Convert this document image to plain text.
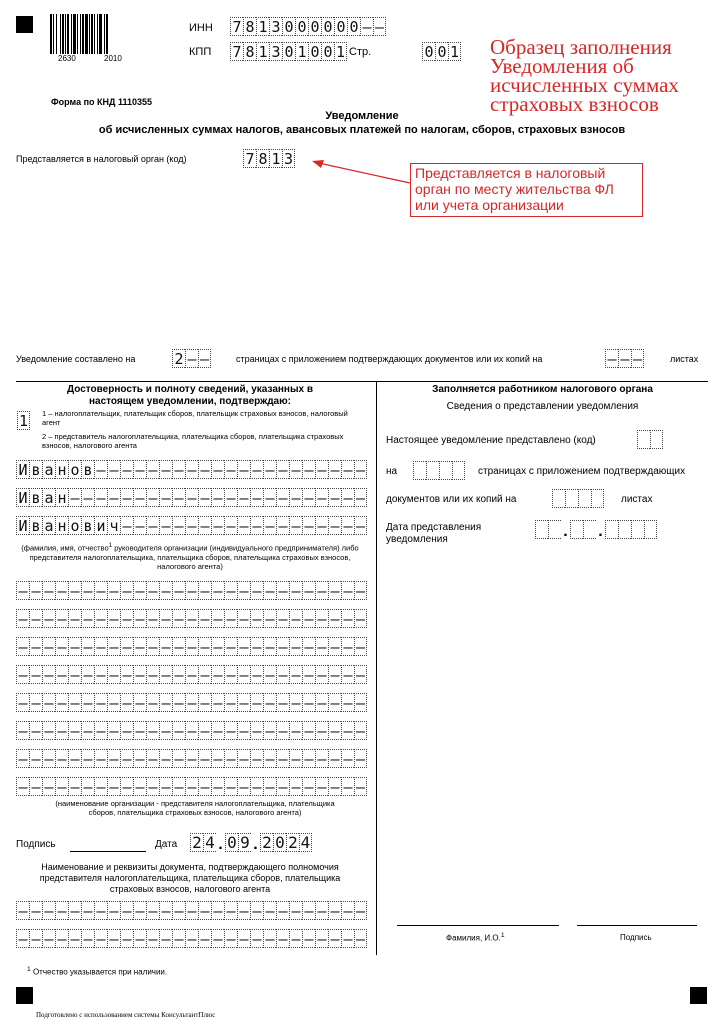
2630	2010
ИНН 7 8 1 3 0 0 0 0 0 0 – –
КПП 7 8 1 3 0 1 0 0 1 Стр.	0 0 1 Образец заполнения Уведомления об исчисленных суммах страховых взносов
Форма по КНД 1110355
Уведомление
об исчисленных суммах налогов, авансовых платежей по налогам, сборов, страховых взносов
Представляется в налоговый орган (код)	7 8 1 3
Представляется в налоговый орган по месту жительства ФЛ или учета организации
Уведомление составлено на	2 – –	страницах с приложением подтверждающих документов или их копий на	– – –	листах
Достоверность и полноту сведений, указанных в настоящем уведомлении, подтверждаю:
1 1 – налогоплательщик, плательщик сборов, плательщик страховых взносов, налоговый агент
2 – представитель налогоплательщика, плательщика сборов, плательщика страховых взносов, налогового агента
И в а н о в – – – – – – – – – – – – – – – – – – – – –
И в а н – – – – – – – – – – – – – – – – – – – – – – –
И в а н о в и ч – – – – – – – – – – – – – – – – – – –
(фамилия, имя, отчество$^1$ руководителя организации (индивидуального предпринимателя) либо представителя налогоплательщика, плательщика сборов, плательщика страховых взносов, налогового агента)
– – – – – – – – – – – – – – – – – – – – – – – – – – –
– – – – – – – – – – – – – – – – – – – – – – – – – – –
– – – – – – – – – – – – – – – – – – – – – – – – – – –
– – – – – – – – – – – – – – – – – – – – – – – – – – –
– – – – – – – – – – – – – – – – – – – – – – – – – – –
– – – – – – – – – – – – – – – – – – – – – – – – – – –
– – – – – – – – – – – – – – – – – – – – – – – – – – –
– – – – – – – – – – – – – – – – – – – – – – – – – – –
(наименование организации - представителя налогоплательщика, плательщика сборов, плательщика страховых взносов, налогового агента)
Подпись	Дата 2 4 . 0 9 . 2 0 2 4
Наименование и реквизиты документа, подтверждающего полномочия представителя налогоплательщика, плательщика сборов, плательщика страховых взносов, налогового агента
– – – – – – – – – – – – – – – – – – – – – – – – – – –
– – – – – – – – – – – – – – – – – – – – – – – – – – –
Заполняется работником налогового органа
Сведения о представлении уведомления
Настоящее уведомление представлено (код)
на	страницах с приложением подтверждающих
документов или их копий на	листах
Дата представления уведомления	. .
Фамилия, И.О.$^1$	Подпись
$^1$ Отчество указывается при наличии.
Подготовлено с использованием системы КонсультантПлюс
